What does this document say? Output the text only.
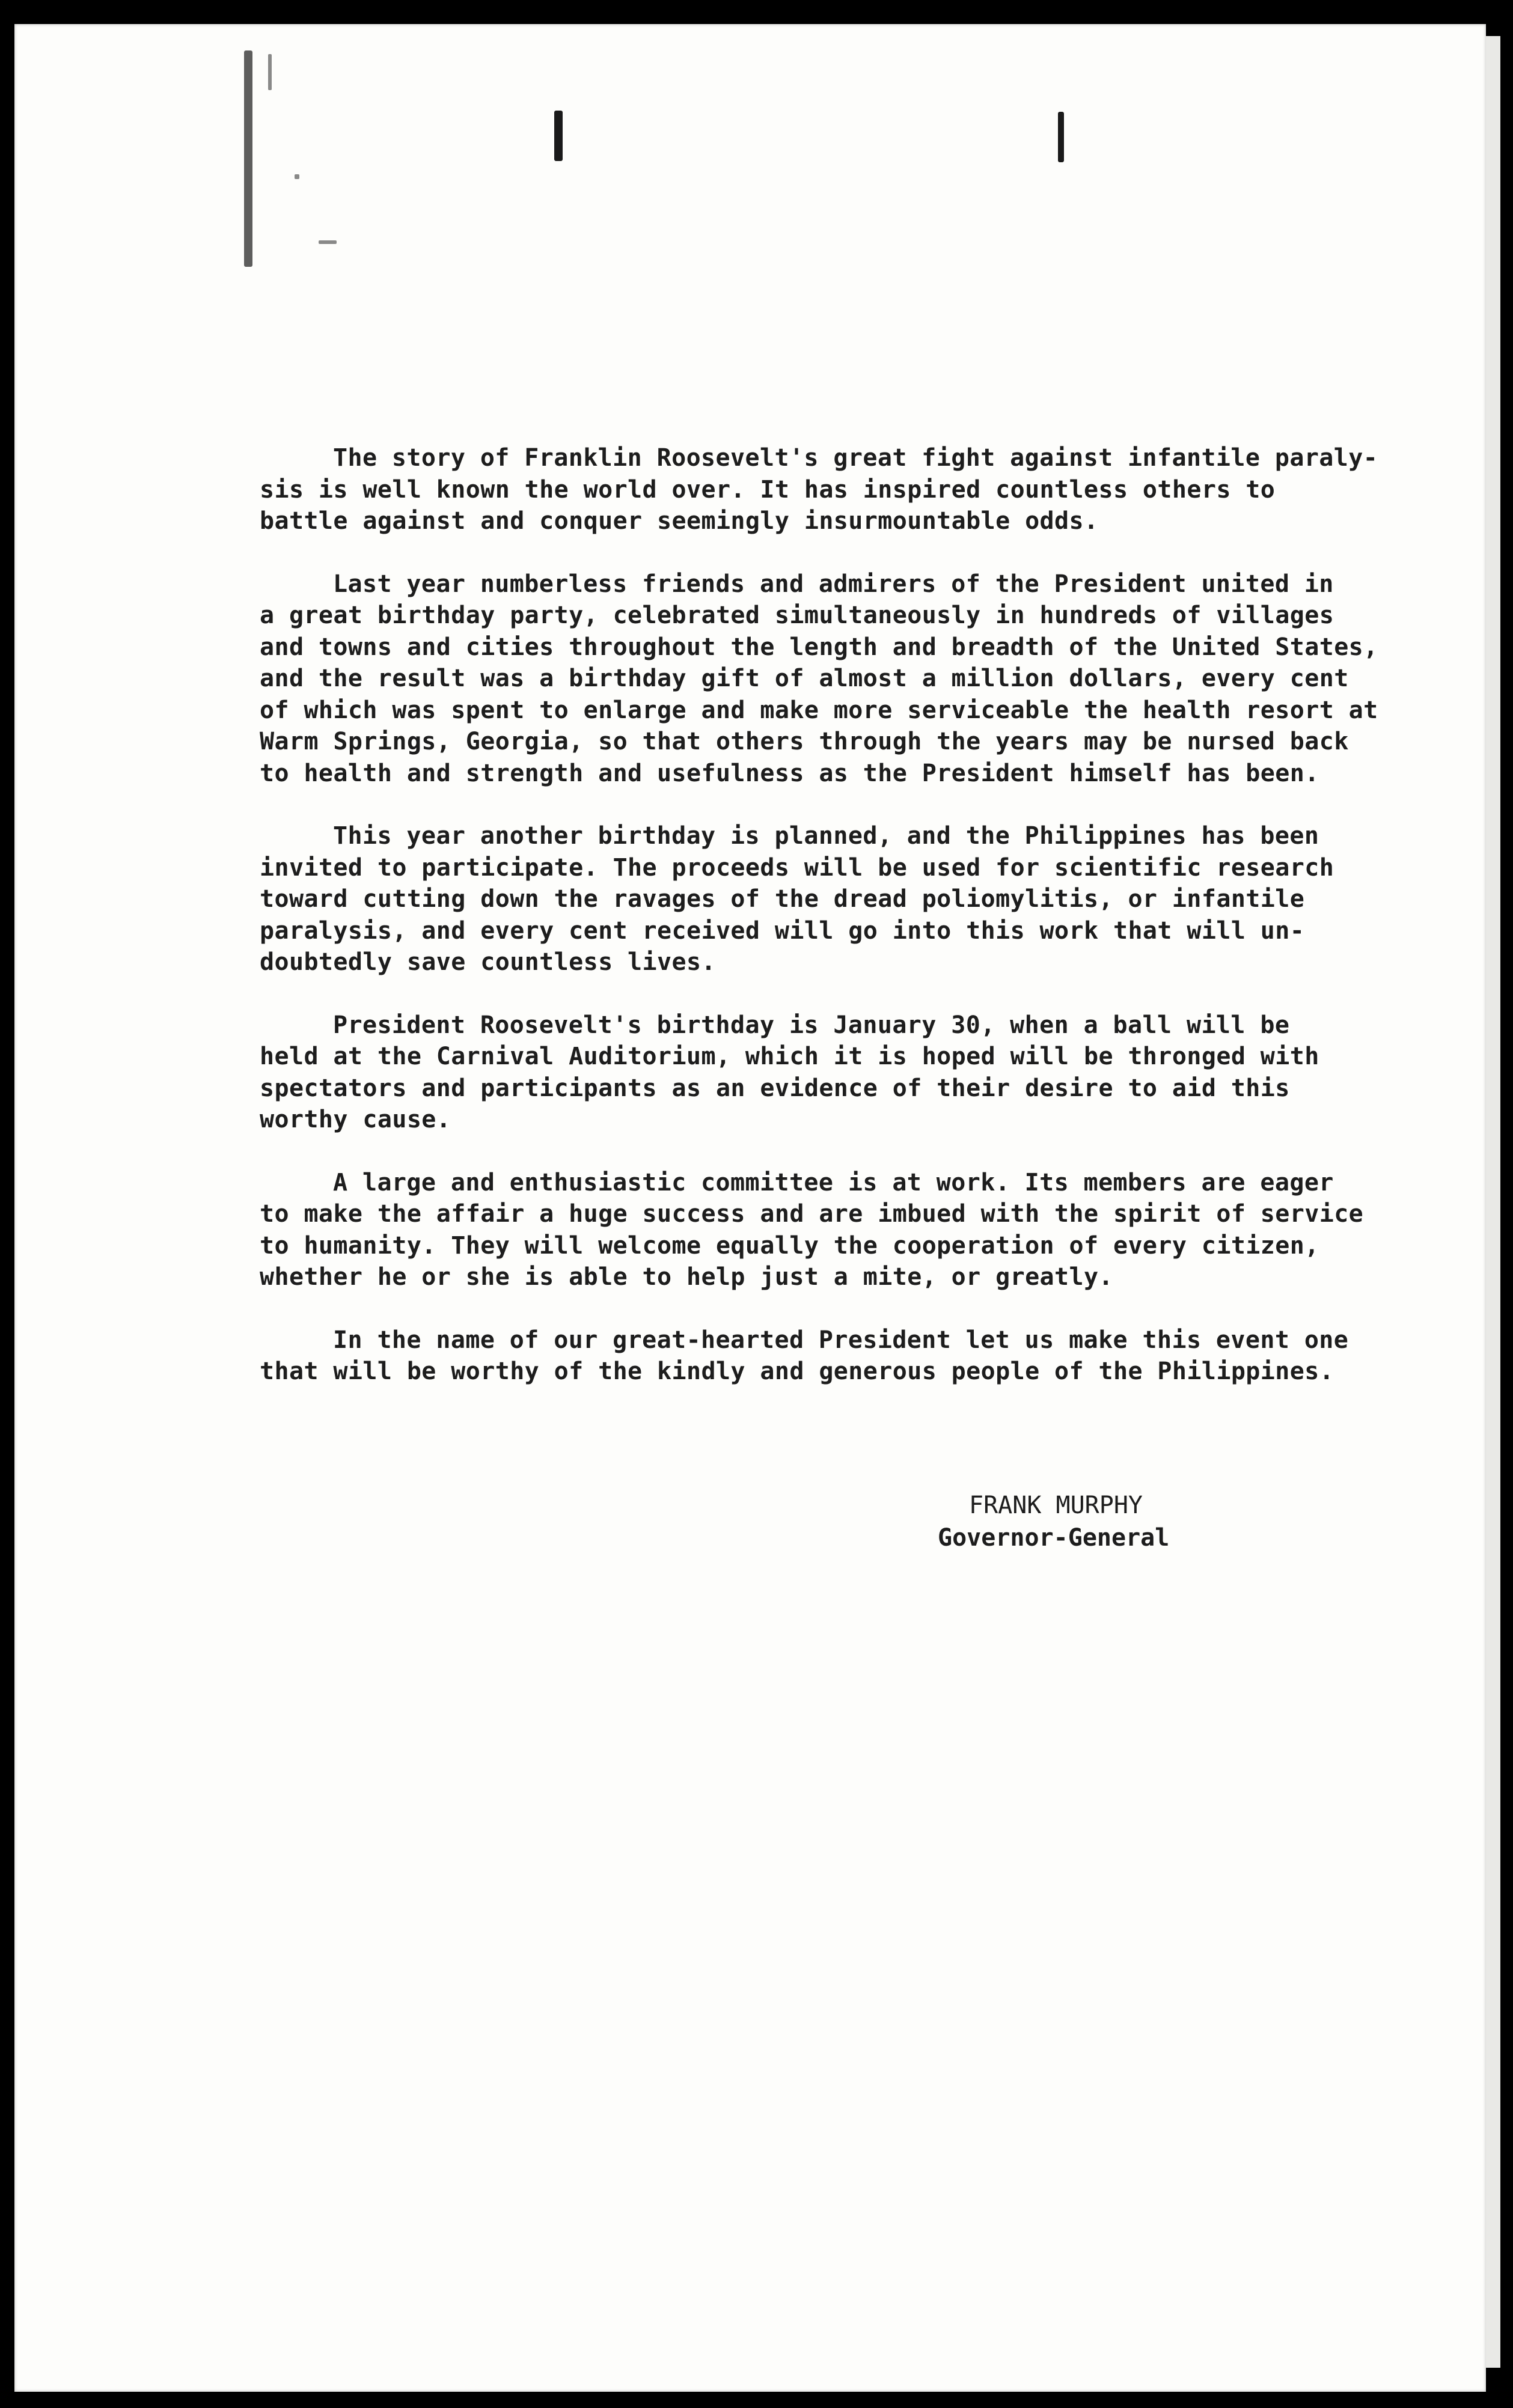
The story of Franklin Roosevelt's great fight against infantile paraly-
sis is well known the world over. It has inspired countless others to
battle against and conquer seemingly insurmountable odds.

Last year numberless friends and admirers of the President united in
a great birthday party, celebrated simultaneously in hundreds of villages
and towns and cities throughout the length and breadth of the United States,
and the result was a birthday gift of almost a million dollars, every cent
of which was spent to enlarge and make more serviceable the health resort at
Warm Springs, Georgia, so that others through the years may be nursed back
to health and strength and usefulness as the President himself has been.

This year another birthday is planned, and the Philippines has been
invited to participate. The proceeds will be used for scientific research
toward cutting down the ravages of the dread poliomylitis, or infantile
paralysis, and every cent received will go into this work that will un-
doubtedly save countless lives.

President Roosevelt's birthday is January 30, when a ball will be
held at the Carnival Auditorium, which it is hoped will be thronged with
spectators and participants as an evidence of their desire to aid this
worthy cause.

A large and enthusiastic committee is at work. Its members are eager
to make the affair a huge success and are imbued with the spirit of service
to humanity. They will welcome equally the cooperation of every citizen,
whether he or she is able to help just a mite, or greatly.

In the name of our great-hearted President let us make this event one
that will be worthy of the kindly and generous people of the Philippines.

FRANK MURPHY
Governor-General
